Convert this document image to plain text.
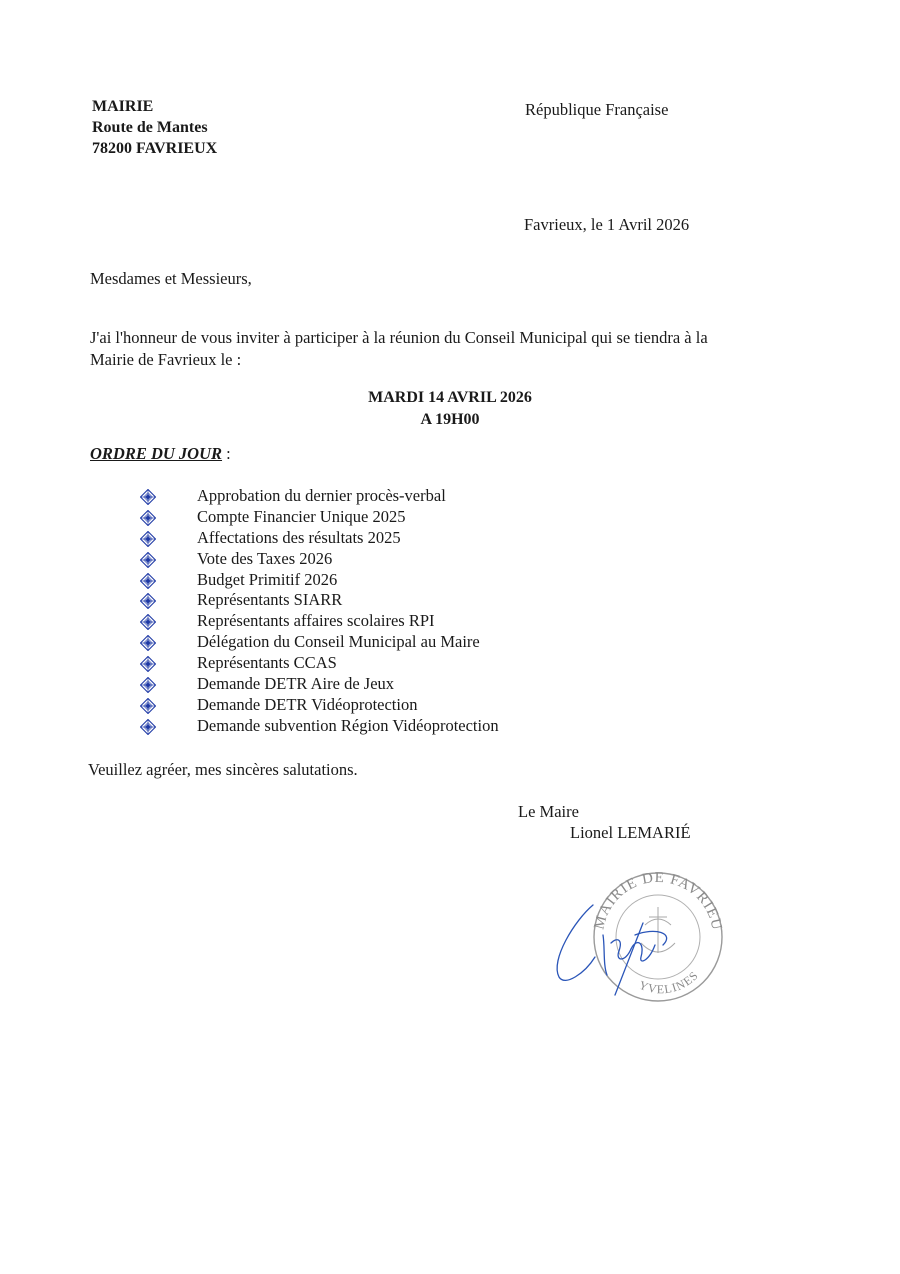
MAIRIE
Route de Mantes
78200 FAVRIEUX
République Française
Favrieux, le 1 Avril 2026
Mesdames et Messieurs,
J'ai l'honneur de vous inviter à participer à la réunion du Conseil Municipal qui se tiendra à la
Mairie de Favrieux le :
MARDI 14 AVRIL 2026
A 19H00
ORDRE DU JOUR :
Approbation du dernier procès-verbal
Compte Financier Unique 2025
Affectations des résultats 2025
Vote des Taxes 2026
Budget Primitif 2026
Représentants SIARR
Représentants affaires scolaires RPI
Délégation du Conseil Municipal au Maire
Représentants CCAS
Demande DETR Aire de Jeux
Demande DETR Vidéoprotection
Demande subvention Région Vidéoprotection
Veuillez agréer, mes sincères salutations.
Le Maire
Lionel LEMARIÉ
MAIRIE DE FAVRIEU
YVELINES
